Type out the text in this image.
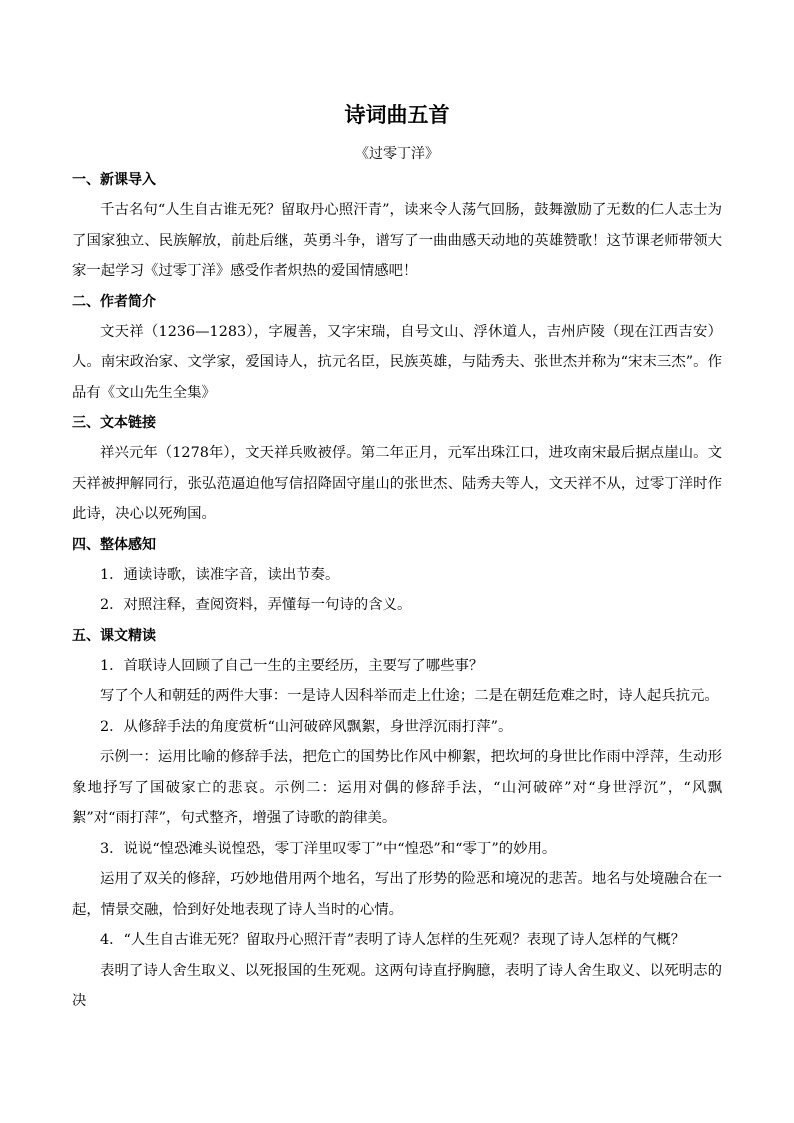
诗词曲五首
《过零丁洋》
一、新课导入

千古名句“人生自古谁无死？留取丹心照汗青”，读来令人荡气回肠，鼓舞激励了无数的仁人志士为了国家独立、民族解放，前赴后继，英勇斗争，谱写了一曲曲感天动地的英雄赞歌！这节课老师带领大家一起学习《过零丁洋》感受作者炽热的爱国情感吧！

二、作者简介

文天祥（1236—1283），字履善，又字宋瑞，自号文山、浮休道人，吉州庐陵（现在江西吉安）人。南宋政治家、文学家，爱国诗人，抗元名臣，民族英雄，与陆秀夫、张世杰并称为“宋末三杰”。作品有《文山先生全集》

三、文本链接

祥兴元年（1278年），文天祥兵败被俘。第二年正月，元军出珠江口，进攻南宋最后据点崖山。文天祥被押解同行，张弘范逼迫他写信招降固守崖山的张世杰、陆秀夫等人，文天祥不从，过零丁洋时作此诗，决心以死殉国。

四、整体感知

1．通读诗歌，读准字音，读出节奏。

2．对照注释，查阅资料，弄懂每一句诗的含义。

五、课文精读

1．首联诗人回顾了自己一生的主要经历，主要写了哪些事？

写了个人和朝廷的两件大事：一是诗人因科举而走上仕途；二是在朝廷危难之时，诗人起兵抗元。

2．从修辞手法的角度赏析“山河破碎风飘絮，身世浮沉雨打萍”。

示例一：运用比喻的修辞手法，把危亡的国势比作风中柳絮，把坎坷的身世比作雨中浮萍，生动形象地抒写了国破家亡的悲哀。示例二：运用对偶的修辞手法，“山河破碎”对“身世浮沉”，“风飘絮”对“雨打萍”，句式整齐，增强了诗歌的韵律美。

3．说说“惶恐滩头说惶恐，零丁洋里叹零丁”中“惶恐”和“零丁”的妙用。

运用了双关的修辞，巧妙地借用两个地名，写出了形势的险恶和境况的悲苦。地名与处境融合在一起，情景交融，恰到好处地表现了诗人当时的心情。

4．“人生自古谁无死？留取丹心照汗青”表明了诗人怎样的生死观？表现了诗人怎样的气概？

表明了诗人舍生取义、以死报国的生死观。这两句诗直抒胸臆，表明了诗人舍生取义、以死明志的决
